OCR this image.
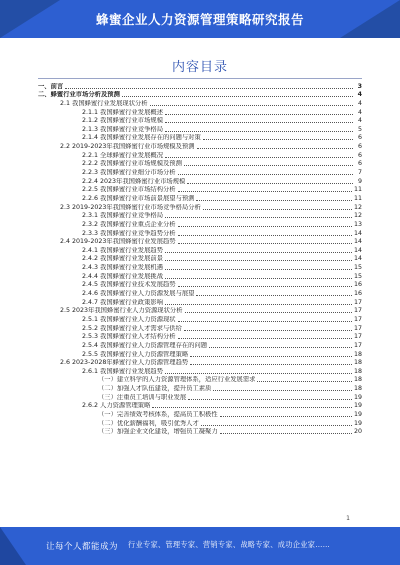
蜂蜜企业人力资源管理策略研究报告
内容目录
一、前言	3
二、蜂蜜行业市场分析及预测	4
2.1 我国蜂蜜行业发展现状分析	4
2.1.1 我国蜂蜜行业发展概述	4
2.1.2 我国蜂蜜行业市场规模	4
2.1.3 我国蜂蜜行业竞争格局	5
2.1.4 我国蜂蜜行业发展存在的问题与对策	6
2.2 2019-2023年我国蜂蜜行业市场规模及预测	6
2.2.1 全球蜂蜜行业发展概况	6
2.2.2 我国蜂蜜行业市场规模及预测	6
2.2.3 我国蜂蜜行业细分市场分析	7
2.2.4 2023年我国蜂蜜行业市场规模	9
2.2.5 我国蜂蜜行业市场结构分析	11
2.2.6 我国蜂蜜行业市场前景展望与预测	11
2.3 2019-2023年我国蜂蜜行业市场竞争格局分析	12
2.3.1 我国蜂蜜行业竞争格局	12
2.3.2 我国蜂蜜行业重点企业分析	13
2.3.3 我国蜂蜜行业竞争趋势分析	14
2.4 2019-2023年我国蜂蜜行业发展趋势	14
2.4.1 我国蜂蜜行业发展趋势	14
2.4.2 我国蜂蜜行业发展前景	14
2.4.3 我国蜂蜜行业发展机遇	15
2.4.4 我国蜂蜜行业发展挑战	15
2.4.5 我国蜂蜜行业技术发展趋势	16
2.4.6 我国蜂蜜行业人力资源发展与展望	16
2.4.7 我国蜂蜜行业政策影响	17
2.5 2023年我国蜂蜜行业人力资源现状分析	17
2.5.1 我国蜂蜜行业人力资源现状	17
2.5.2 我国蜂蜜行业人才需求与供给	17
2.5.3 我国蜂蜜行业人才结构分析	17
2.5.4 我国蜂蜜行业人力资源管理存在的问题	17
2.5.5 我国蜂蜜行业人力资源管理策略	18
2.6 2023-2028年蜂蜜行业人力资源管理趋势	18
2.6.1 我国蜂蜜行业发展趋势	18
（一）建立科学的人力资源管理体系，适应行业发展需求	18
（二）加强人才队伍建设，提升员工素质	18
（三）注重员工培训与职业发展	19
2.6.2 人力资源管理策略	19
（一）完善绩效考核体系，提高员工积极性	19
（二）优化薪酬福利，吸引优秀人才	19
（三）加强企业文化建设，增强员工凝聚力	20
1
让每个人都能成为 行业专家、管理专家、营销专家、战略专家、成功企业家……
